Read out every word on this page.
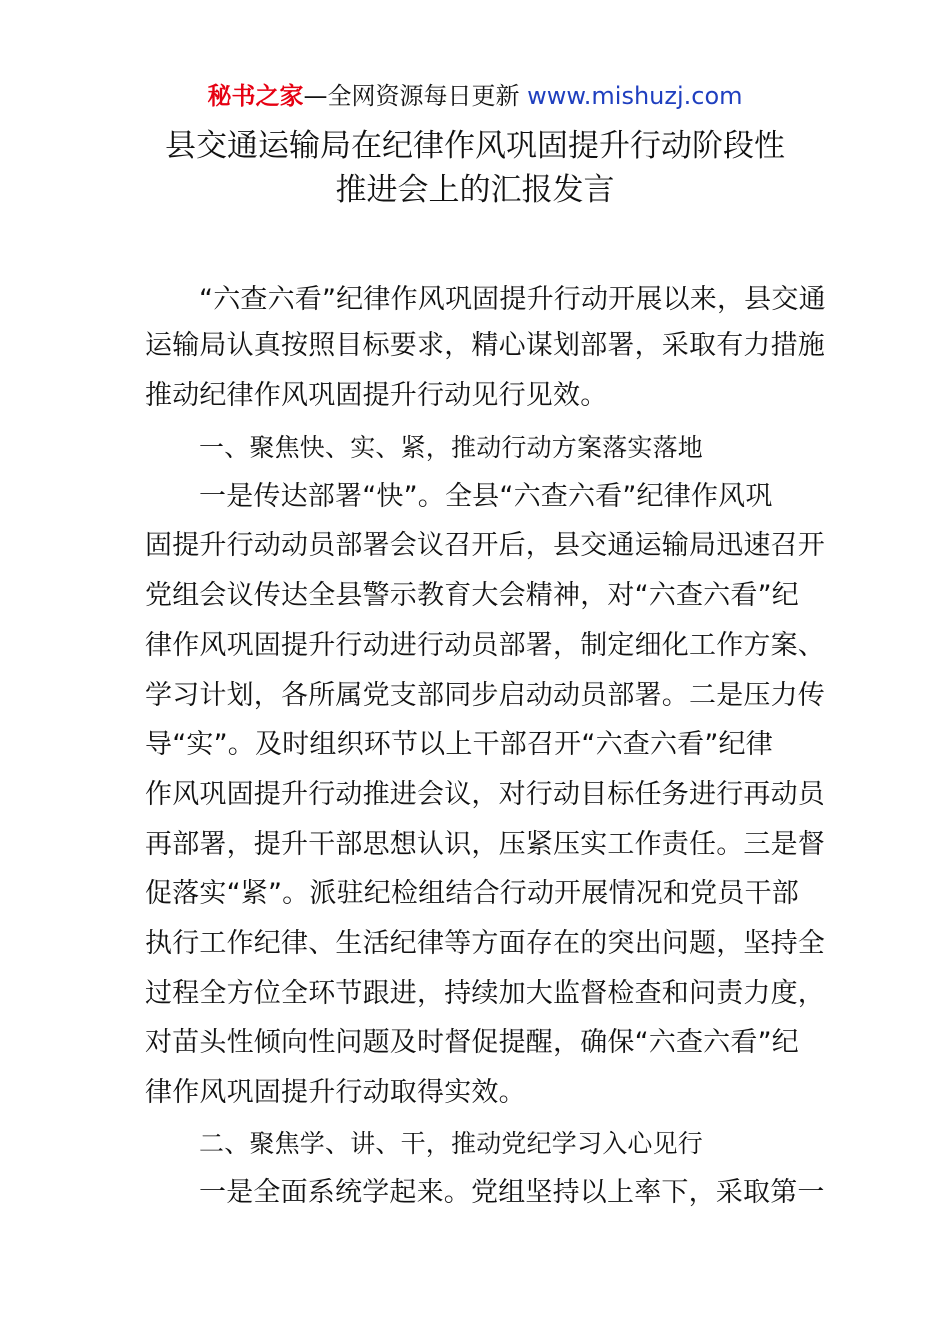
秘书之家—全网资源每日更新 www.mishuzj.com
县交通运输局在纪律作风巩固提升行动阶段性
推进会上的汇报发言
“六查六看”纪律作风巩固提升行动开展以来，县交通
运输局认真按照目标要求，精心谋划部署，采取有力措施
推动纪律作风巩固提升行动见行见效。
一、聚焦快、实、紧，推动行动方案落实落地
一是传达部署“快”。全县“六查六看”纪律作风巩
固提升行动动员部署会议召开后，县交通运输局迅速召开
党组会议传达全县警示教育大会精神，对“六查六看”纪
律作风巩固提升行动进行动员部署，制定细化工作方案、
学习计划，各所属党支部同步启动动员部署。二是压力传
导“实”。及时组织环节以上干部召开“六查六看”纪律
作风巩固提升行动推进会议，对行动目标任务进行再动员
再部署，提升干部思想认识，压紧压实工作责任。三是督
促落实“紧”。派驻纪检组结合行动开展情况和党员干部
执行工作纪律、生活纪律等方面存在的突出问题，坚持全
过程全方位全环节跟进，持续加大监督检查和问责力度，
对苗头性倾向性问题及时督促提醒，确保“六查六看”纪
律作风巩固提升行动取得实效。
二、聚焦学、讲、干，推动党纪学习入心见行
一是全面系统学起来。党组坚持以上率下，采取第一
